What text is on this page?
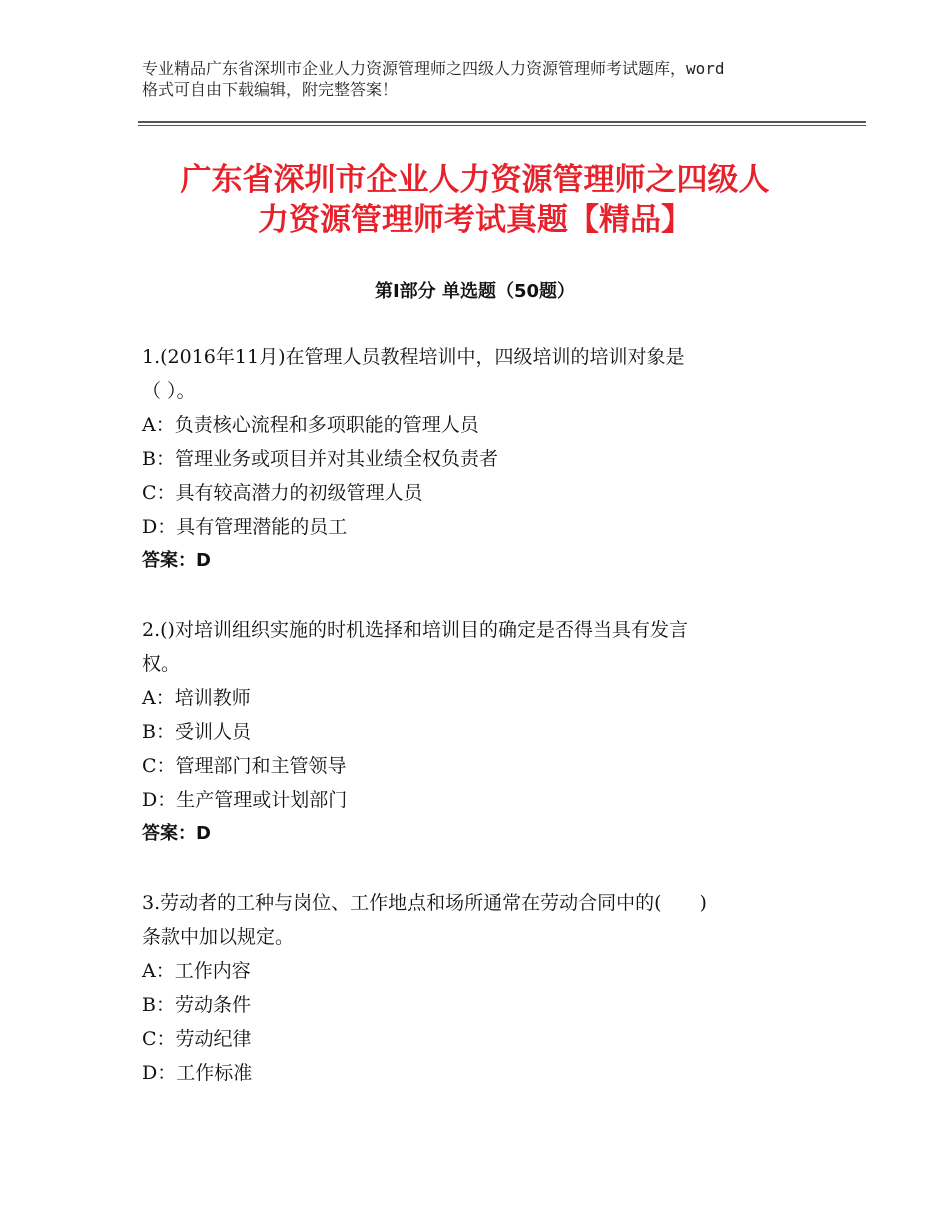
专业精品广东省深圳市企业人力资源管理师之四级人力资源管理师考试题库，word
格式可自由下载编辑，附完整答案！
广东省深圳市企业人力资源管理师之四级人
力资源管理师考试真题【精品】
第Ⅰ部分 单选题（50题）
1.(2016年11月)在管理人员教程培训中，四级培训的培训对象是
（ ）。
A：负责核心流程和多项职能的管理人员
B：管理业务或项目并对其业绩全权负责者
C：具有较高潜力的初级管理人员
D：具有管理潜能的员工
答案：D
2.()对培训组织实施的时机选择和培训目的确定是否得当具有发言
权。
A：培训教师
B：受训人员
C：管理部门和主管领导
D：生产管理或计划部门
答案：D
3.劳动者的工种与岗位、工作地点和场所通常在劳动合同中的(　　)
条款中加以规定。
A：工作内容
B：劳动条件
C：劳动纪律
D：工作标准
